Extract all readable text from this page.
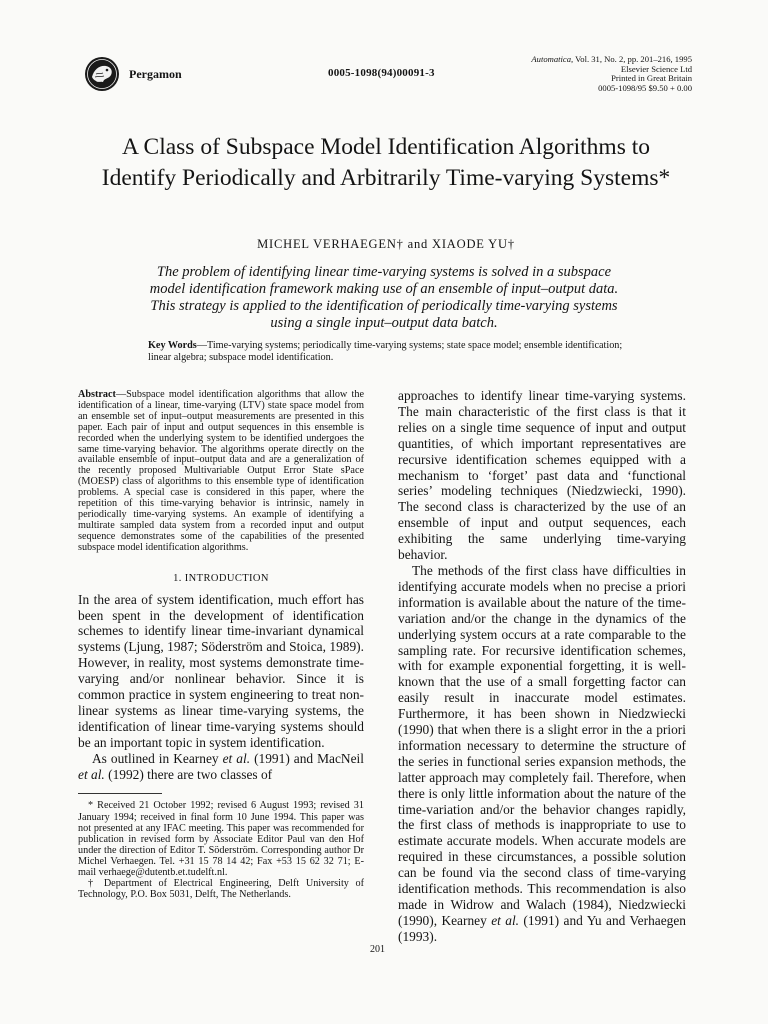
Pergamon	0005-1098(94)00091-3
Automatica, Vol. 31, No. 2, pp. 201–216, 1995
Elsevier Science Ltd
Printed in Great Britain
0005-1098/95 $9.50 + 0.00
A Class of Subspace Model Identification Algorithms to Identify Periodically and Arbitrarily Time-varying Systems*
MICHEL VERHAEGEN† and XIAODE YU†
The problem of identifying linear time-varying systems is solved in a subspace model identification framework making use of an ensemble of input–output data. This strategy is applied to the identification of periodically time-varying systems using a single input–output data batch.
Key Words—Time-varying systems; periodically time-varying systems; state space model; ensemble identification; linear algebra; subspace model identification.

Abstract—Subspace model identification algorithms that allow the identification of a linear, time-varying (LTV) state space model from an ensemble set of input–output measurements are presented in this paper. Each pair of input and output sequences in this ensemble is recorded when the underlying system to be identified undergoes the same time-varying behavior. The algorithms operate directly on the available ensemble of input–output data and are a generalization of the recently proposed Multivariable Output Error State sPace (MOESP) class of algorithms to this ensemble type of identification problems. A special case is considered in this paper, where the repetition of this time-varying behavior is intrinsic, namely in periodically time-varying systems. An example of identifying a multirate sampled data system from a recorded input and output sequence demonstrates some of the capabilities of the presented subspace model identification algorithms.

1. INTRODUCTION

In the area of system identification, much effort has been spent in the development of identification schemes to identify linear time-invariant dynamical systems (Ljung, 1987; Söderström and Stoica, 1989). However, in reality, most systems demonstrate time-varying and/or nonlinear behavior. Since it is common practice in system engineering to treat non-linear systems as linear time-varying systems, the identification of linear time-varying systems should be an important topic in system identification.

As outlined in Kearney et al. (1991) and MacNeil et al. (1992) there are two classes of

* Received 21 October 1992; revised 6 August 1993; revised 31 January 1994; received in final form 10 June 1994. This paper was not presented at any IFAC meeting. This paper was recommended for publication in revised form by Associate Editor Paul van den Hof under the direction of Editor T. Söderström. Corresponding author Dr Michel Verhaegen. Tel. +31 15 78 14 42; Fax +53 15 62 32 71; E-mail verhaege@dutentb.et.tudelft.nl.

† Department of Electrical Engineering, Delft University of Technology, P.O. Box 5031, Delft, The Netherlands.

approaches to identify linear time-varying systems. The main characteristic of the first class is that it relies on a single time sequence of input and output quantities, of which important representatives are recursive identification schemes equipped with a mechanism to ‘forget’ past data and ‘functional series’ modeling techniques (Niedzwiecki, 1990). The second class is characterized by the use of an ensemble of input and output sequences, each exhibiting the same underlying time-varying behavior.

The methods of the first class have difficulties in identifying accurate models when no precise a priori information is available about the nature of the time-variation and/or the change in the dynamics of the underlying system occurs at a rate comparable to the sampling rate. For recursive identification schemes, with for example exponential forgetting, it is well-known that the use of a small forgetting factor can easily result in inaccurate model estimates. Furthermore, it has been shown in Niedzwiecki (1990) that when there is a slight error in the a priori information necessary to determine the structure of the series in functional series expansion methods, the latter approach may completely fail. Therefore, when there is only little information about the nature of the time-variation and/or the behavior changes rapidly, the first class of methods is inappropriate to use to estimate accurate models. When accurate models are required in these circumstances, a possible solution can be found via the second class of time-varying identification methods. This recommendation is also made in Widrow and Walach (1984), Niedzwiecki (1990), Kearney et al. (1991) and Yu and Verhaegen (1993).

201
